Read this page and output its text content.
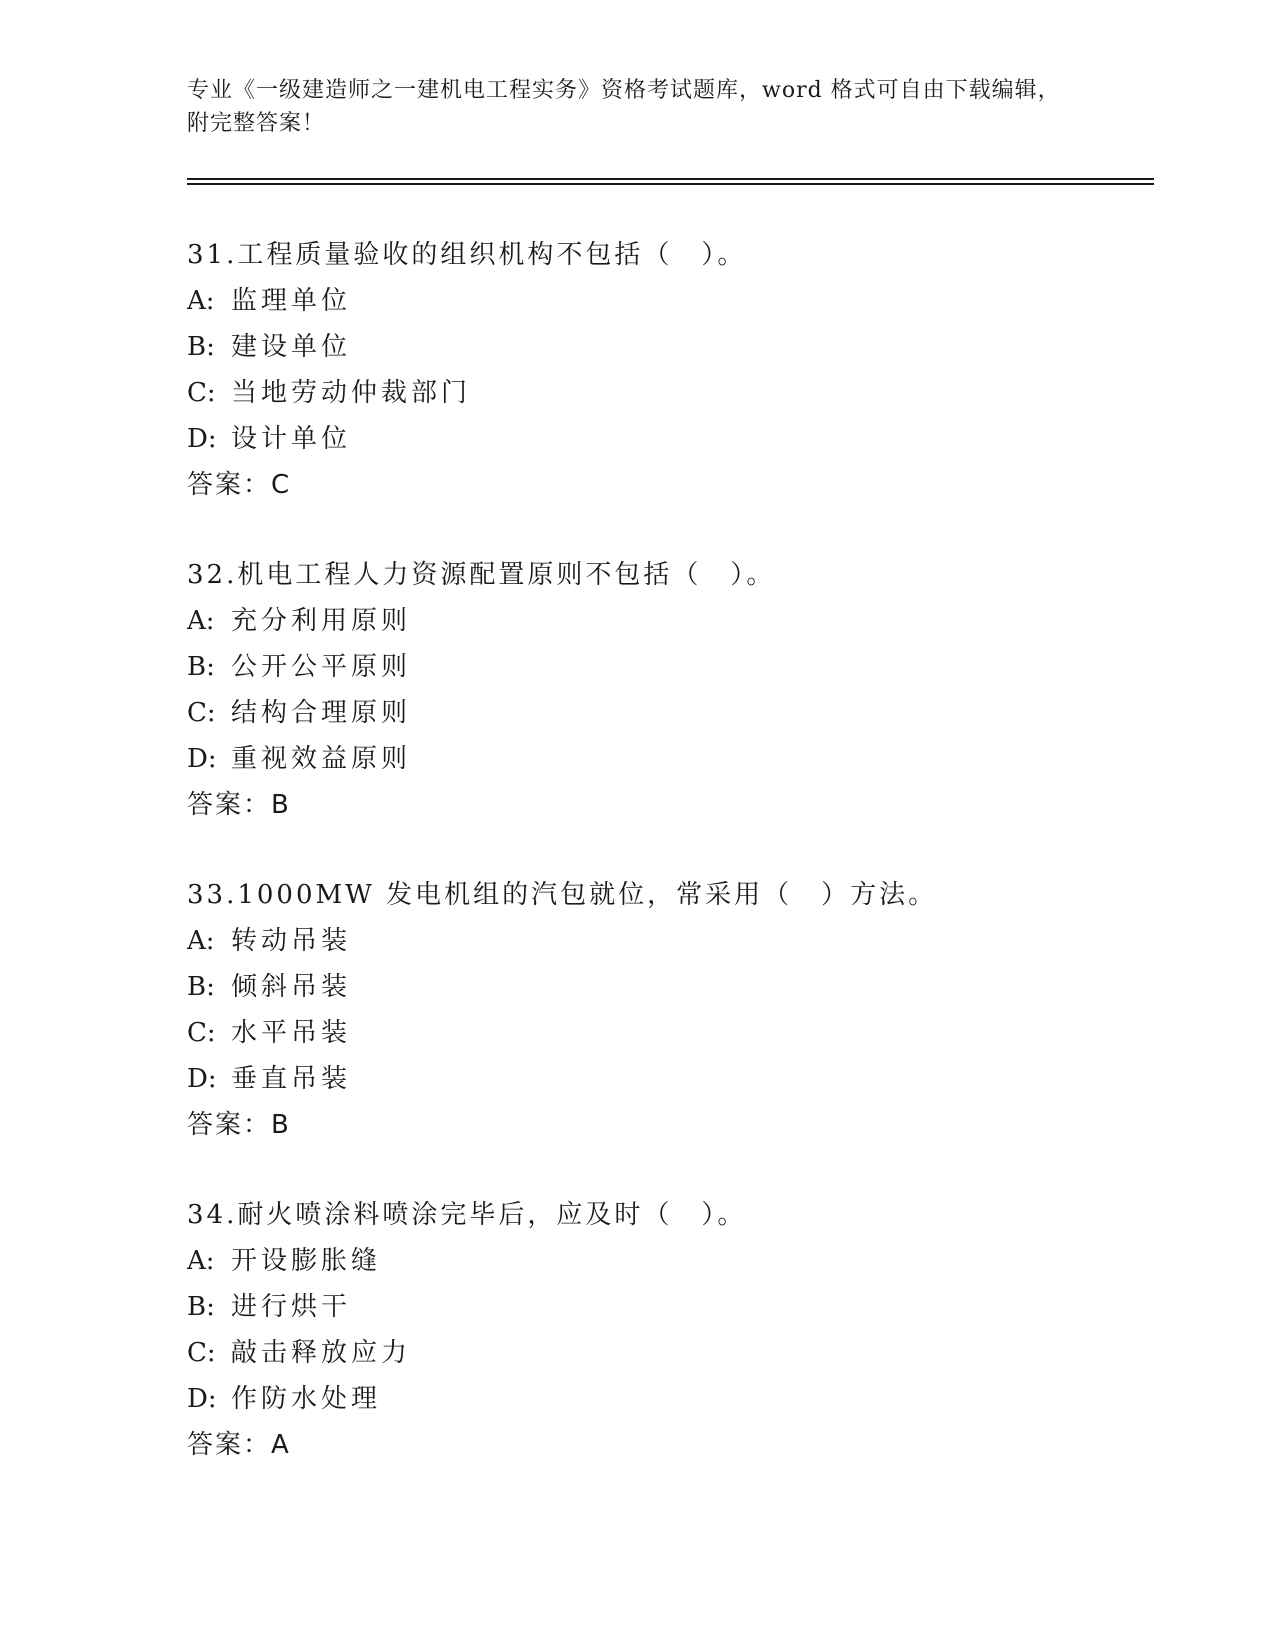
专业《一级建造师之一建机电工程实务》资格考试题库，word 格式可自由下载编辑，附完整答案！
31.工程质量验收的组织机构不包括（　）。
A: 监理单位
B: 建设单位
C: 当地劳动仲裁部门
D: 设计单位
答案：C
32.机电工程人力资源配置原则不包括（　）。
A: 充分利用原则
B: 公开公平原则
C: 结构合理原则
D: 重视效益原则
答案：B
33.1000MW 发电机组的汽包就位，常采用（　）方法。
A: 转动吊装
B: 倾斜吊装
C: 水平吊装
D: 垂直吊装
答案：B
34.耐火喷涂料喷涂完毕后，应及时（　）。
A: 开设膨胀缝
B: 进行烘干
C: 敲击释放应力
D: 作防水处理
答案：A
